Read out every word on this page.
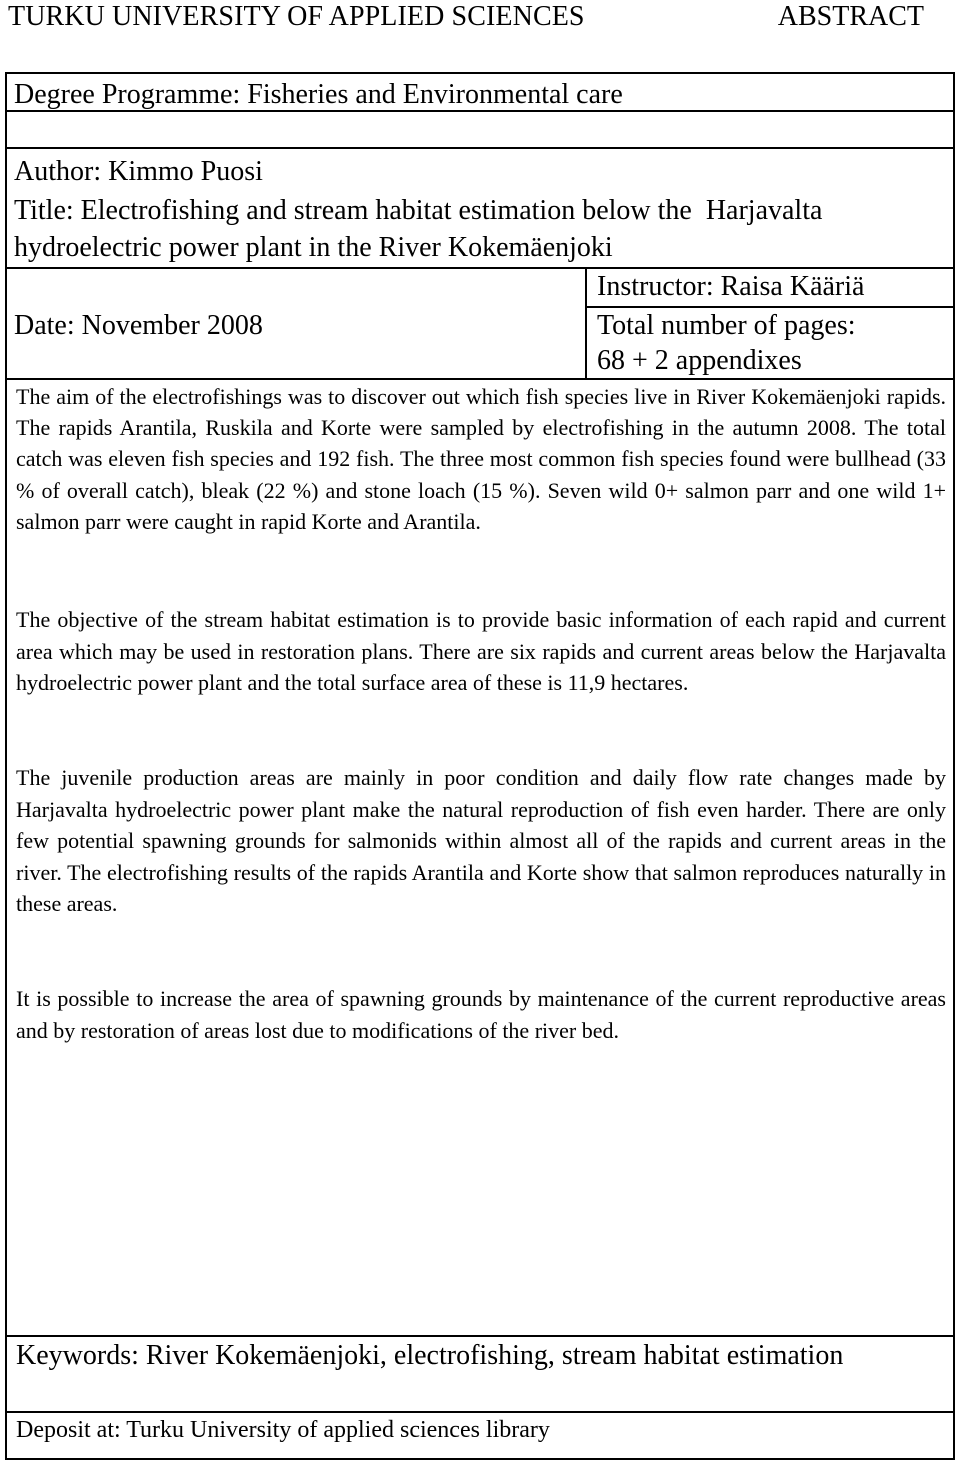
TURKU UNIVERSITY OF APPLIED SCIENCES	ABSTRACT
Degree Programme: Fisheries and Environmental care
Author: Kimmo Puosi
Title: Electrofishing and stream habitat estimation below the  Harjavalta
hydroelectric power plant in the River Kokemäenjoki
Instructor: Raisa Kääriä
Date: November 2008	Total number of pages:
68 + 2 appendixes
The aim of the electrofishings was to discover out which fish species live in River Kokemäenjoki rapids. The rapids Arantila, Ruskila and Korte were sampled by electrofishing in the autumn 2008. The total catch was eleven fish species and 192 fish. The three most common fish species found were bullhead (33 % of overall catch), bleak (22 %) and stone loach (15 %). Seven wild 0+ salmon parr and one wild 1+ salmon parr were caught in rapid Korte and Arantila.
The objective of the stream habitat estimation is to provide basic information of each rapid and current area which may be used in restoration plans. There are six rapids and current areas below the Harjavalta hydroelectric power plant and the total surface area of these is 11,9 hectares.
The juvenile production areas are mainly in poor condition and daily flow rate changes made by Harjavalta hydroelectric power plant make the natural reproduction of fish even harder. There are only few potential spawning grounds for salmonids within almost all of the rapids and current areas in the river. The electrofishing results of the rapids Arantila and Korte show that salmon reproduces naturally in these areas.
It is possible to increase the area of spawning grounds by maintenance of the current reproductive areas and by restoration of areas lost due to modifications of the river bed.
Keywords: River Kokemäenjoki, electrofishing, stream habitat estimation
Deposit at: Turku University of applied sciences library
